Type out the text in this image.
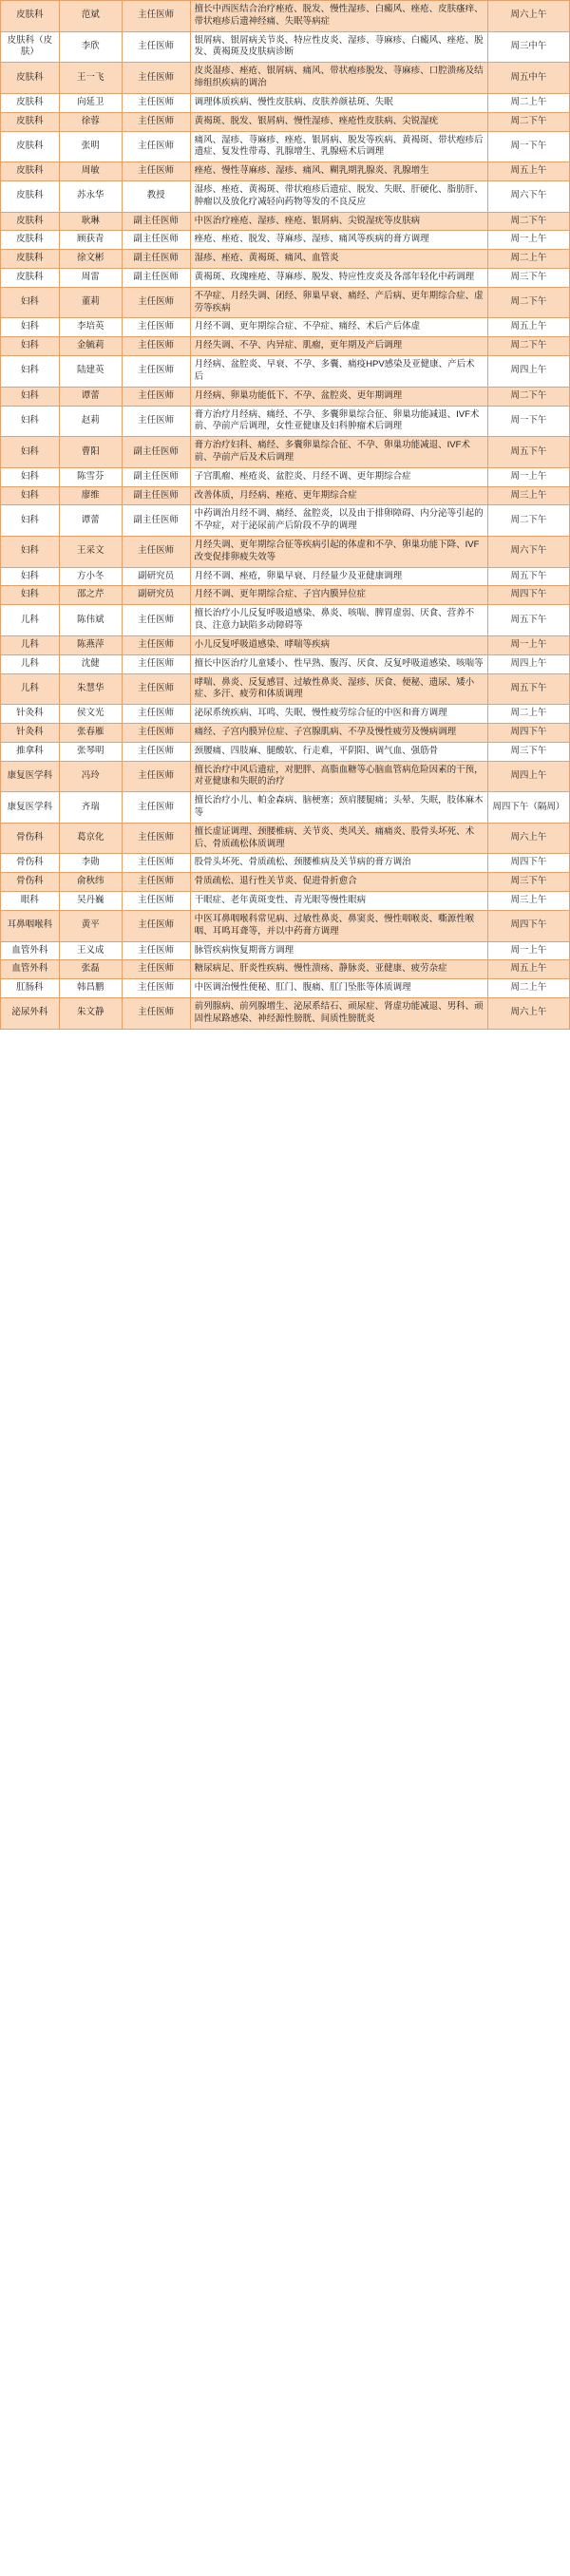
皮肤科	范斌	主任医师	擅长中西医结合治疗痤疮、脱发、慢性湿疹、白癜风、痤疮、皮肤瘙痒、带状疱疹后遗神经痛、失眠等病症	周六上午
皮肤科（皮肤）	李欣	主任医师	银屑病、银屑病关节炎、特应性皮炎、湿疹、荨麻疹、白癜风、痤疮、脱发、黄褐斑及皮肤病诊断	周三中午
皮肤科	王一飞	主任医师	皮炎湿疹、痤疮、银屑病、痛风、带状疱疹脱发、荨麻疹、口腔溃疡及结缔组织疾病的调治	周五中午
皮肤科	向延卫	主任医师	调理体质疾病、慢性皮肤病、皮肤养颜祛斑、失眠	周二上午
皮肤科	徐蓉	主任医师	黄褐斑、脱发、银屑病、慢性湿疹、痤疮性皮肤病、尖锐湿疣	周二下午
皮肤科	张明	主任医师	痛风、湿疹、荨麻疹、痤疮、银屑病、脱发等疾病、黄褐斑、带状疱疹后遗症、复发性带毒、乳腺增生、乳腺癌术后调理	周一下午
皮肤科	周敏	主任医师	痤疮、慢性荨麻疹、湿疹、痛风、糊乳期乳腺炎、乳腺增生	周五上午
皮肤科	苏永华	教授	湿疹、痤疮、黄褐斑、带状疱疹后遗症、脱发、失眠、肝硬化、脂肪肝、肿瘤以及放化疗减轻向药物等发的不良反应	周六下午
皮肤科	耿琳	副主任医师	中医治疗痤疮、湿疹、痤疮、银屑病、尖锐湿疣等皮肤病	周二下午
皮肤科	顾获青	副主任医师	痤疮、痤疮、脱发、荨麻疹、湿疹、痛风等疾病的膏方调理	周一上午
皮肤科	徐文彬	副主任医师	湿疹、痤疮、黄褐斑、痛风、血管炎	周二上午
皮肤科	周雷	副主任医师	黄褐斑、玫瑰痤疮、荨麻疹、脱发、特应性皮炎及各部年轻化中药调理	周三下午
妇科	董莉	主任医师	不孕症、月经失调、闭经、卵巢早衰、痛经、产后病、更年期综合症、虚劳等疾病	周二下午
妇科	李培英	主任医师	月经不调、更年期综合症、不孕症、痛经、术后产后体虚	周五上午
妇科	金毓莉	主任医师	月经失调、不孕、内异症、肌瘤，更年期及产后调理	周二下午
妇科	陆建英	主任医师	月经病、盆腔炎、早衰、不孕、多囊、痛疫HPV感染及亚健康、产后术后	周四上午
妇科	谭蕾	主任医师	月经病、卵巢功能低下、不孕、盆腔炎、更年期调理	周二下午
妇科	赵莉	主任医师	膏方治疗月经病、痛经、不孕、多囊卵巢综合征、卵巢功能减退、IVF术前、孕前产后调理，女性亚健康及妇科肿瘤术后调理	周一下午
妇科	曹阳	副主任医师	膏方治疗妇科、痛经、多囊卵巢综合征、不孕、卵巢功能减退、IVF术前、孕前产后及术后调理	周五下午
妇科	陈雪芬	副主任医师	子宫肌瘤、痤疮炎、盆腔炎、月经不调、更年期综合症	周一上午
妇科	廖维	副主任医师	改善体质，月经病、痤疮、更年期综合症	周三上午
妇科	谭蕾	副主任医师	中药调治月经不调、痛经、盆腔炎，以及由于排卵障碍、内分泌等引起的不孕症，对于泌尿前产后阶段不孕的调理	周二下午
妇科	王采文	主任医师	月经失调、更年期综合征等疾病引起的体虚和不孕、卵巢功能下降、IVF改变促排卵疲失效等	周六下午
妇科	方小冬	副研究员	月经不调、痤疮，卵巢早衰、月经量少及亚健康调理	周五下午
妇科	邵之芹	副研究员	月经不调、更年期综合症、子宫内膜异位症	周四下午
儿科	陈伟斌	主任医师	擅长治疗小儿反复呼吸道感染、鼻炎、咳喘、脾胃虚弱、厌食、营养不良、注意力缺陷多动障碍等	周五下午
儿科	陈燕萍	主任医师	小儿反复呼吸道感染、哮喘等疾病	周一上午
儿科	沈健	主任医师	擅长中医治疗儿童矮小、性早熟、腹泻、厌食、反复呼吸道感染、咳喘等	周四上午
儿科	朱慧华	主任医师	哮喘、鼻炎、反复感冒、过敏性鼻炎、湿疹、厌食、便秘、遗尿、矮小症、多汗、疲劳和体质调理	周五下午
针灸科	侯文光	主任医师	泌尿系统疾病、耳鸣、失眠、慢性疲劳综合征的中医和膏方调理	周二上午
针灸科	张春雁	主任医师	痛经、子宫内膜异位症、子宫腺肌病、不孕及慢性疲劳及慢病调理	周四下午
推拿科	张琴明	主任医师	颈腰痛、四肢麻、腿酸软、行走难，平阴阳、调气血、强筋骨	周三下午
康复医学科	冯玲	主任医师	擅长治疗中风后遗症，对肥胖、高脂血糖等心脑血管病危险因素的干预，对亚健康和失眠的治疗	周四上午
康复医学科	齐瑞	主任医师	擅长治疗小儿、帕金森病、脑梗塞；颈肩腰腿痛；头晕、失眠，肢体麻木等	周四下午（隔周）
骨伤科	葛京化	主任医师	擅长虚证调理、颈腰椎病、关节炎、类风关、痛痛炎、股骨头坏死、术后、骨质疏松体质调理	周六上午
骨伤科	李勋	主任医师	股骨头坏死、骨质疏松、颈腰椎病及关节病的膏方调治	周四下午
骨伤科	俞秋纬	主任医师	骨质疏松、退行性关节炎、促进骨折愈合	周三下午
眼科	吴丹巍	主任医师	干眼症、老年黄斑变性、青光眼等慢性眼病	周三上午
耳鼻咽喉科	黄平	主任医师	中医耳鼻咽喉科常见病、过敏性鼻炎、鼻窦炎、慢性咽喉炎、嘶源性喉咽、耳鸣耳聋等，并以中药膏方调理	周四下午
血管外科	王义成	主任医师	脉管疾病恢复期膏方调理	周一上午
血管外科	张磊	主任医师	糖尿病足、肝炎性疾病、慢性溃疡、静脉炎、亚健康、疲劳杂症	周五上午
肛肠科	韩昌鹏	主任医师	中医调治慢性便秘、肛门、腹痛、肛门坠胀等体质调理	周二上午
泌尿外科	朱文静	主任医师	前列腺病、前列腺增生、泌尿系结石、顽尿症、肾虚功能减退、男科、顽固性尿路感染、神经源性膀胱、间质性膀胱炎	周六上午
